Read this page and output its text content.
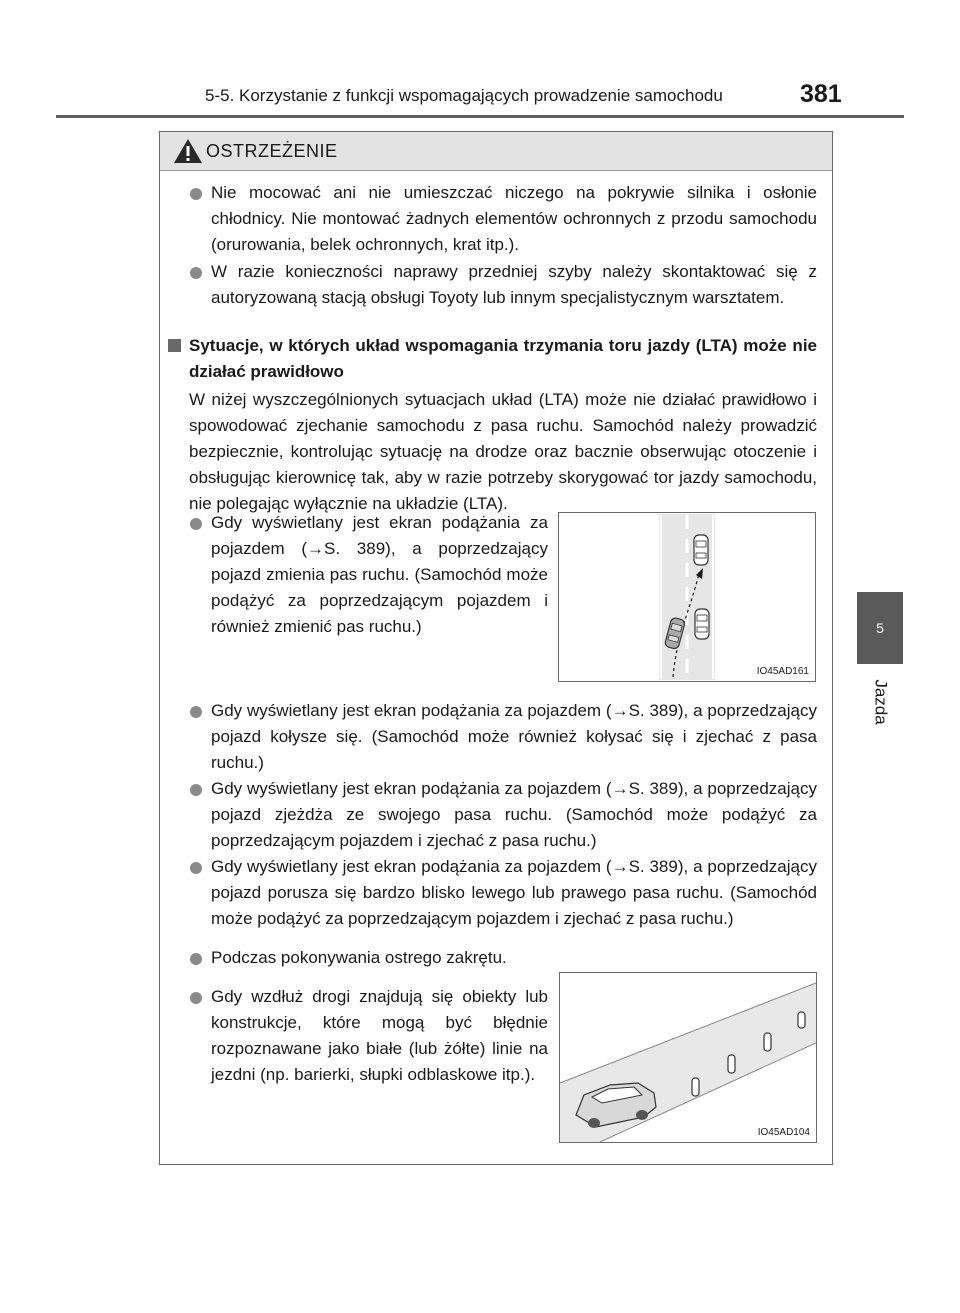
5-5. Korzystanie z funkcji wspomagających prowadzenie samochodu	381
5
Jazda
OSTRZEŻENIE
Nie mocować ani nie umieszczać niczego na pokrywie silnika i osłonie chłodnicy. Nie montować żadnych elementów ochronnych z przodu samochodu (orurowania, belek ochronnych, krat itp.).
W razie konieczności naprawy przedniej szyby należy skontaktować się z autoryzowaną stacją obsługi Toyoty lub innym specjalistycznym warsztatem.
Sytuacje, w których układ wspomagania trzymania toru jazdy (LTA) może nie działać prawidłowo
W niżej wyszczególnionych sytuacjach układ (LTA) może nie działać prawidłowo i spowodować zjechanie samochodu z pasa ruchu. Samochód należy prowadzić bezpiecznie, kontrolując sytuację na drodze oraz bacznie obserwując otoczenie i obsługując kierownicę tak, aby w razie potrzeby skorygować tor jazdy samochodu, nie polegając wyłącznie na układzie (LTA).
Gdy wyświetlany jest ekran podążania za pojazdem (→S. 389), a poprzedzający pojazd zmienia pas ruchu. (Samochód może podążyć za poprzedzającym pojazdem i również zmienić pas ruchu.)
IO45AD161
Gdy wyświetlany jest ekran podążania za pojazdem (→S. 389), a poprzedzający pojazd kołysze się. (Samochód może również kołysać się i zjechać z pasa ruchu.)
Gdy wyświetlany jest ekran podążania za pojazdem (→S. 389), a poprzedzający pojazd zjeżdża ze swojego pasa ruchu. (Samochód może podążyć za poprzedzającym pojazdem i zjechać z pasa ruchu.)
Gdy wyświetlany jest ekran podążania za pojazdem (→S. 389), a poprzedzający pojazd porusza się bardzo blisko lewego lub prawego pasa ruchu. (Samochód może podążyć za poprzedzającym pojazdem i zjechać z pasa ruchu.)
Podczas pokonywania ostrego zakrętu.
Gdy wzdłuż drogi znajdują się obiekty lub konstrukcje, które mogą być błędnie rozpoznawane jako białe (lub żółte) linie na jezdni (np. barierki, słupki odblaskowe itp.).
IO45AD104
